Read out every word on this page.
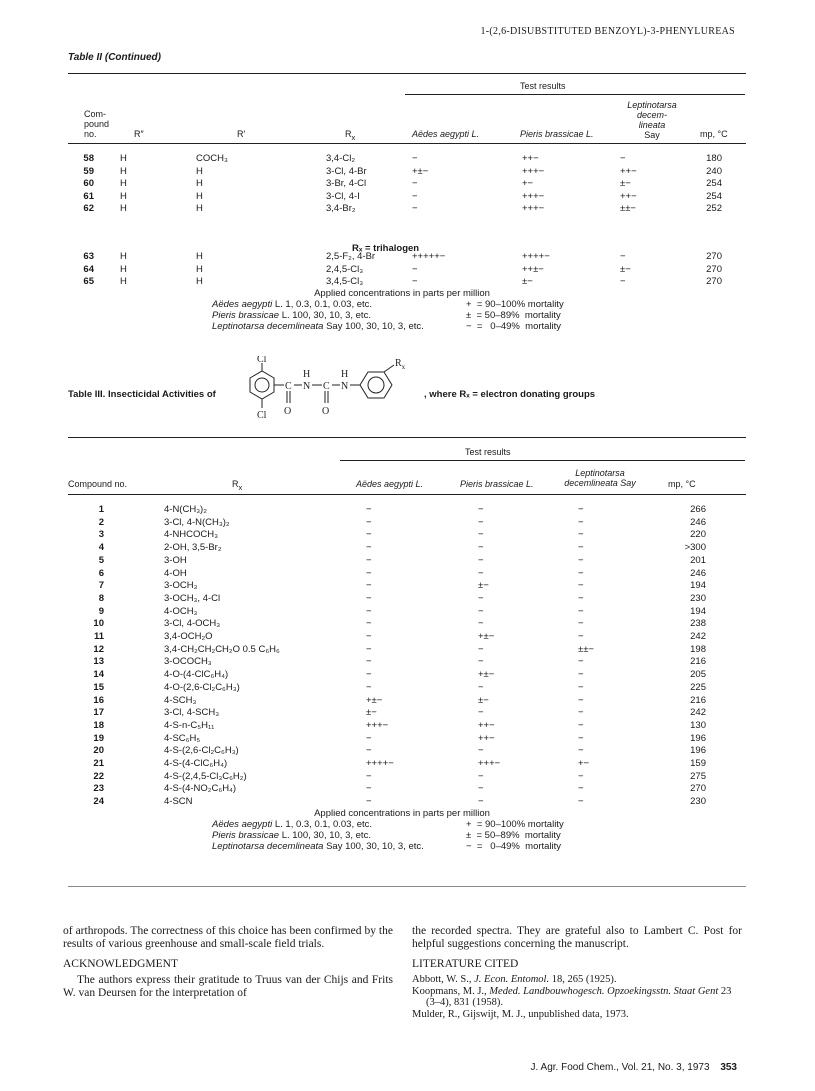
1-(2,6-DISUBSTITUTED BENZOYL)-3-PHENYLUREAS
Table II (Continued)
Test results
Com-
pound
no.	R″	R′	$R_x$	Aëdes aegypti L.	Pieris brassicae L.
Leptinotarsa
decem-
lineata
Say	mp, °C
58	H	COCH₃	3,4-Cl₂	−	++−	−	180
59	H	H	3-Cl, 4-Br	+±−	+++−	++−	240
60	H	H	3-Br, 4-Cl	−	+−	±−	254
61	H	H	3-Cl, 4-I	−	+++−	++−	254
62	H	H	3,4-Br₂	−	+++−	±±−	252
63	H	H	2,5-F₂, 4-Br	+++++−	++++−	−	270
64	H	H	2,4,5-Cl₃	−	++±−	±−	270
65	H	H	3,4,5-Cl₃	−	±−	−	270
Rₓ = trihalogen
Applied concentrations in parts per million
Aëdes aegypti L. 1, 0.3, 0.1, 0.03, etc.	+  = 90–100% mortality
Pieris brassicae L. 100, 30, 10, 3, etc.	±  = 50–89%  mortality
Leptinotarsa decemlineata Say 100, 30, 10, 3, etc.	−  =   0–49%  mortality
Table III. Insecticidal Activities of
Cl
Cl
C N
H
C N
H
O	O
$R_x$
, where Rₓ = electron donating groups
Test results
Compound no.	$R_x$	Aëdes aegypti L.	Pieris brassicae L.
Leptinotarsa
decemlineata Say	mp, °C
1	4-N(CH₃)₂	−	−	−	266
2	3-Cl, 4-N(CH₃)₂	−	−	−	246
3	4-NHCOCH₃	−	−	−	220
4	2-OH, 3,5-Br₂	−	−	−	>300
5	3-OH	−	−	−	201
6	4-OH	−	−	−	246
7	3-OCH₃	−	±−	−	194
8	3-OCH₃, 4-Cl	−	−	−	230
9	4-OCH₃	−	−	−	194
10	3-Cl, 4-OCH₃	−	−	−	238
11	3,4-OCH₂O	−	+±−	−	242
12	3,4-CH₂CH₂CH₂O 0.5 C₆H₆	−	−	±±−	198
13	3-OCOCH₃	−	−	−	216
14	4-O-(4-ClC₆H₄)	−	+±−	−	205
15	4-O-(2,6-Cl₂C₆H₃)	−	−	−	225
16	4-SCH₃	+±−	±−	−	216
17	3-Cl, 4-SCH₃	±−	−	−	242
18	4-S-n-C₅H₁₁	+++−	++−	−	130
19	4-SC₆H₅	−	++−	−	196
20	4-S-(2,6-Cl₂C₆H₃)	−	−	−	196
21	4-S-(4-ClC₆H₄)	++++−	+++−	+−	159
22	4-S-(2,4,5-Cl₃C₆H₂)	−	−	−	275
23	4-S-(4-NO₂C₆H₄)	−	−	−	270
24	4-SCN	−	−	−	230
Applied concentrations in parts per million
Aëdes aegypti L. 1, 0.3, 0.1, 0.03, etc.	+  = 90–100% mortality
Pieris brassicae L. 100, 30, 10, 3, etc.	±  = 50–89%  mortality
Leptinotarsa decemlineata Say 100, 30, 10, 3, etc.	−  =   0–49%  mortality

of arthropods. The correctness of this choice has been confirmed by the results of various greenhouse and small-scale field trials.

ACKNOWLEDGMENT

The authors express their gratitude to Truus van der Chijs and Frits W. van Deursen for the interpretation of

the recorded spectra. They are grateful also to Lambert C. Post for helpful suggestions concerning the manuscript.

LITERATURE CITED

Abbott, W. S., J. Econ. Entomol. 18, 265 (1925).
Koopmans, M. J., Meded. Landbouwhogesch. Opzoekingsstn. Staat Gent 23 (3–4), 831 (1958).
Mulder, R., Gijswijt, M. J., unpublished data, 1973.
J. Agr. Food Chem., Vol. 21, No. 3, 1973 353
